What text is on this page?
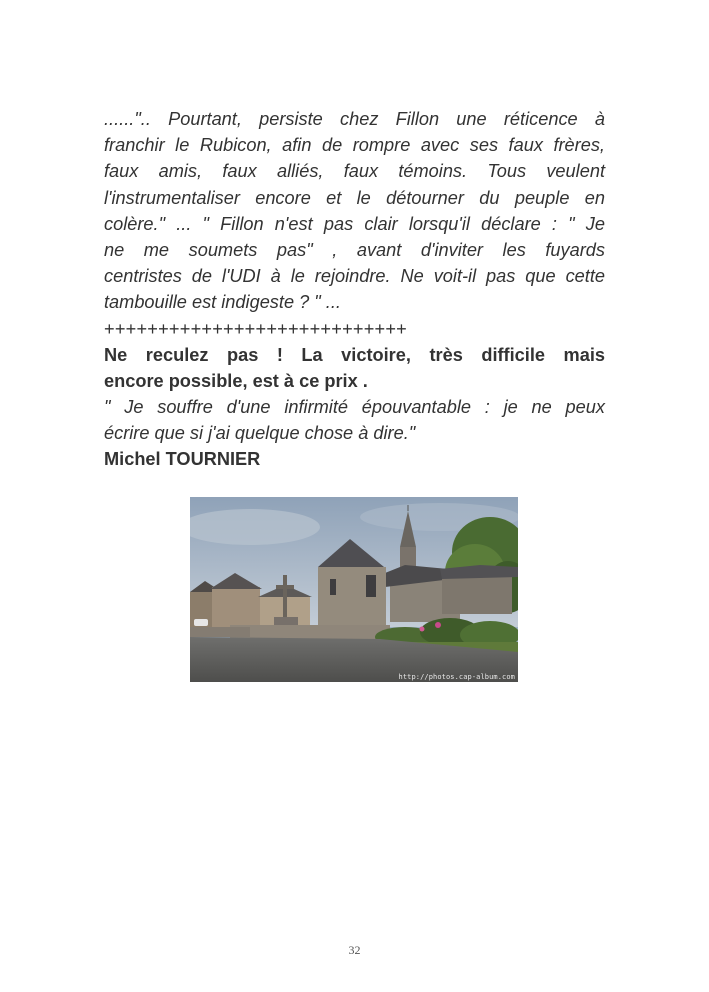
......".. Pourtant, persiste chez Fillon une réticence à
franchir le Rubicon, afin de rompre avec ses faux frères,
faux amis, faux alliés, faux témoins. Tous veulent
l'instrumentaliser encore et le détourner du peuple en
colère." ... " Fillon n'est pas clair lorsqu'il déclare : " Je
ne me soumets pas" , avant d'inviter les fuyards
centristes de l'UDI à le rejoindre. Ne voit-il pas que cette
tambouille est indigeste ? " ...
++++++++++++++++++++++++++++
Ne reculez pas ! La victoire, très difficile mais
encore possible, est à ce prix .
" Je souffre d'une infirmité épouvantable : je ne peux
écrire que si j'ai quelque chose à dire."
Michel TOURNIER
http://photos.cap-album.com
32
